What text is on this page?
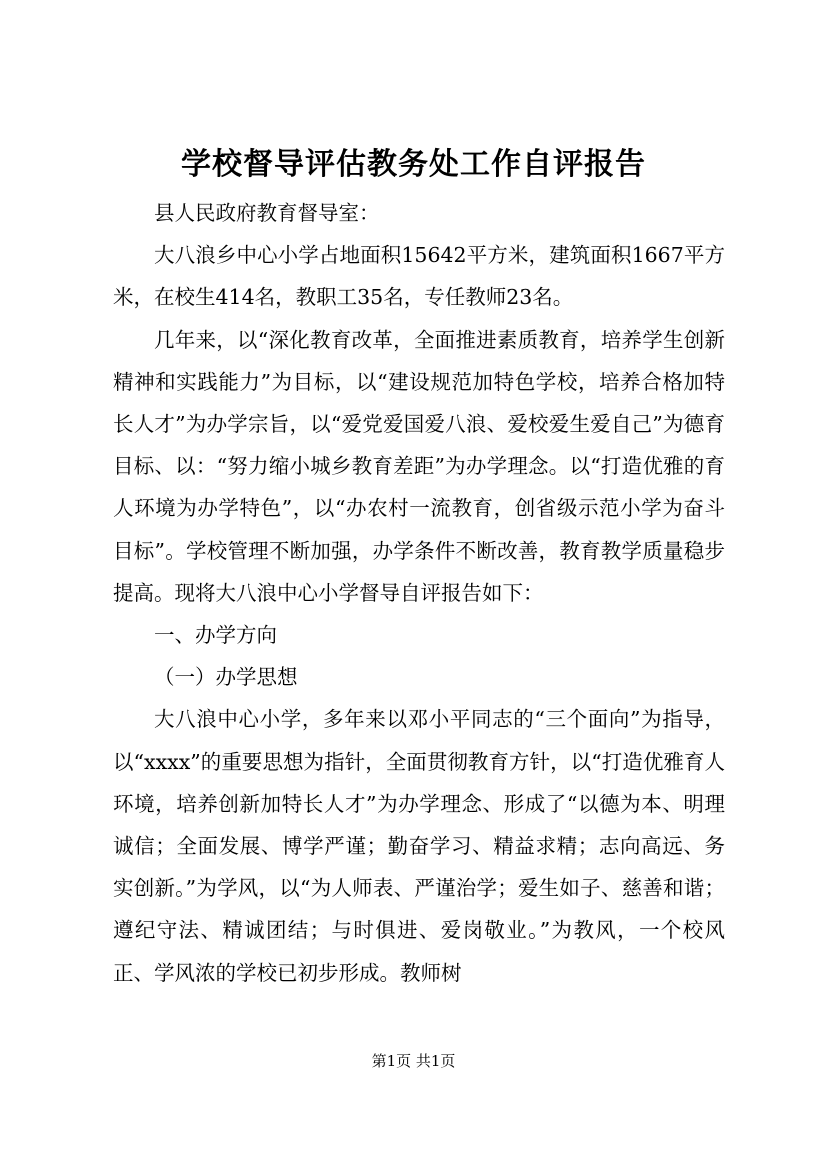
学校督导评估教务处工作自评报告

县人民政府教育督导室：

大八浪乡中心小学占地面积15642平方米，建筑面积1667平方米，在校生414名，教职工35名，专任教师23名。

几年来，以“深化教育改革，全面推进素质教育，培养学生创新精神和实践能力”为目标，以“建设规范加特色学校，培养合格加特长人才”为办学宗旨，以“爱党爱国爱八浪、爱校爱生爱自己”为德育目标、以：“努力缩小城乡教育差距”为办学理念。以“打造优雅的育人环境为办学特色”，以“办农村一流教育，创省级示范小学为奋斗目标”。学校管理不断加强，办学条件不断改善，教育教学质量稳步提高。现将大八浪中心小学督导自评报告如下：

一、办学方向

（一）办学思想

大八浪中心小学，多年来以邓小平同志的“三个面向”为指导，以“xxxx”的重要思想为指针，全面贯彻教育方针，以“打造优雅育人环境，培养创新加特长人才”为办学理念、形成了“以德为本、明理诚信；全面发展、博学严谨；勤奋学习、精益求精；志向高远、务实创新。”为学风，以“为人师表、严谨治学；爱生如子、慈善和谐；遵纪守法、精诚团结；与时俱进、爱岗敬业。”为教风，一个校风正、学风浓的学校已初步形成。教师树

第1页 共1页
